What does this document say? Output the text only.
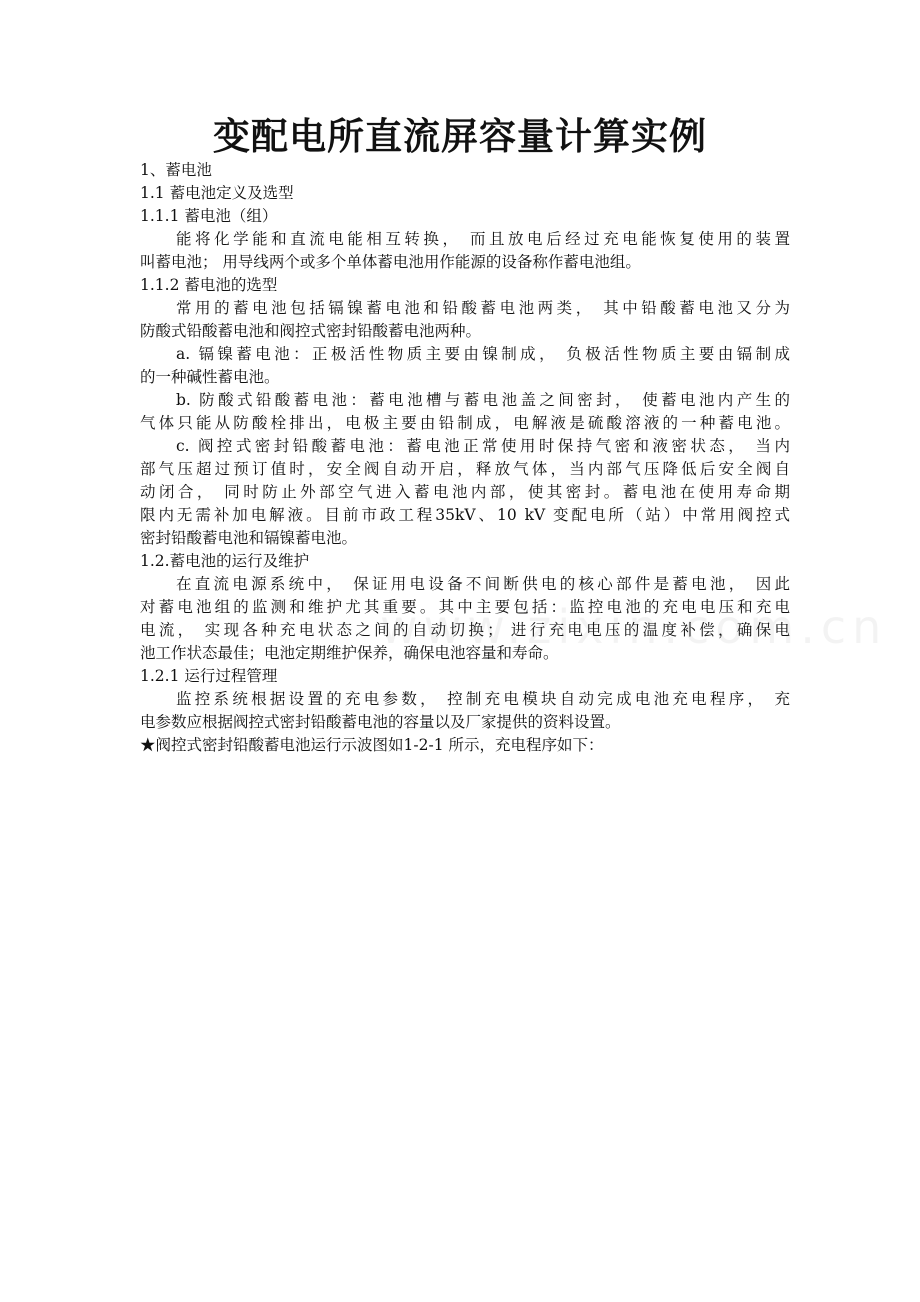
变配电所直流屏容量计算实例

1、蓄电池

1.1 蓄电池定义及选型

1.1.1 蓄电池（组）

能将化学能和直流电能相互转换， 而且放电后经过充电能恢复使用的装置

叫蓄电池； 用导线两个或多个单体蓄电池用作能源的设备称作蓄电池组。

1.1.2 蓄电池的选型

常用的蓄电池包括镉镍蓄电池和铅酸蓄电池两类， 其中铅酸蓄电池又分为

防酸式铅酸蓄电池和阀控式密封铅酸蓄电池两种。

a. 镉镍蓄电池：正极活性物质主要由镍制成， 负极活性物质主要由镉制成

的一种碱性蓄电池。

b. 防酸式铅酸蓄电池：蓄电池槽与蓄电池盖之间密封， 使蓄电池内产生的

气体只能从防酸栓排出，电极主要由铅制成，电解液是硫酸溶液的一种蓄电池。

c. 阀控式密封铅酸蓄电池：蓄电池正常使用时保持气密和液密状态， 当内

部气压超过预订值时，安全阀自动开启，释放气体，当内部气压降低后安全阀自

动闭合， 同时防止外部空气进入蓄电池内部，使其密封。蓄电池在使用寿命期

限内无需补加电解液。目前市政工程35kV、10 kV 变配电所（站）中常用阀控式

密封铅酸蓄电池和镉镍蓄电池。

1.2.蓄电池的运行及维护

在直流电源系统中， 保证用电设备不间断供电的核心部件是蓄电池， 因此

对蓄电池组的监测和维护尤其重要。其中主要包括：监控电池的充电电压和充电

电流， 实现各种充电状态之间的自动切换； 进行充电电压的温度补偿，确保电

池工作状态最佳；电池定期维护保养，确保电池容量和寿命。

1.2.1 运行过程管理

监控系统根据设置的充电参数， 控制充电模块自动完成电池充电程序， 充

电参数应根据阀控式密封铅酸蓄电池的容量以及厂家提供的资料设置。

★阀控式密封铅酸蓄电池运行示波图如1-2-1 所示，充电程序如下：
